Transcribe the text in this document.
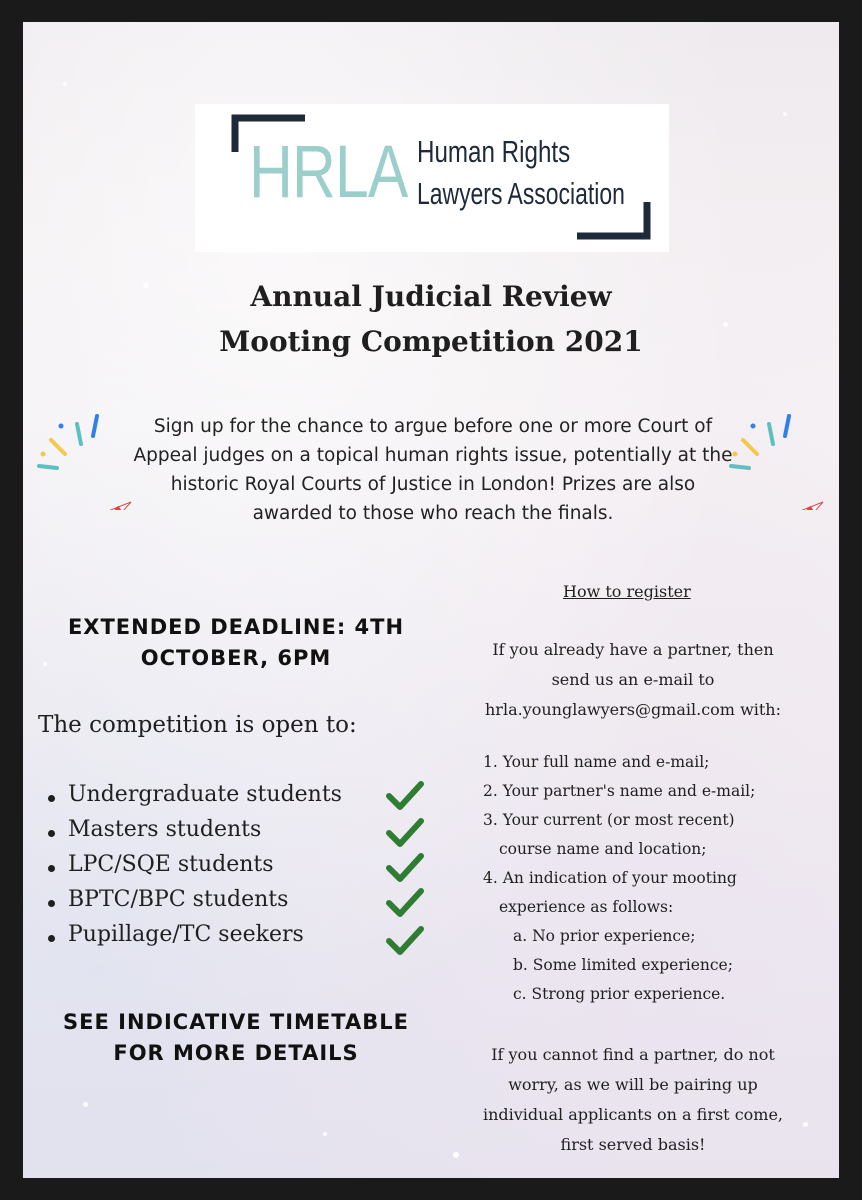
HRLA Human Rights
Lawyers Association
Annual Judicial Review
Mooting Competition 2021
Sign up for the chance to argue before one or more Court of Appeal judges on a topical human rights issue, potentially at the historic Royal Courts of Justice in London! Prizes are also awarded to those who reach the finals.
EXTENDED DEADLINE: 4TH
OCTOBER, 6PM
The competition is open to:
Undergraduate students
Masters students
LPC/SQE students
BPTC/BPC students
Pupillage/TC seekers
SEE INDICATIVE TIMETABLE
FOR MORE DETAILS
How to register
If you already have a partner, then
send us an e-mail to
hrla.younglawyers@gmail.com with:
1. Your full name and e-mail;
2. Your partner's name and e-mail;
3. Your current (or most recent)
course name and location;
4. An indication of your mooting
experience as follows:
a. No prior experience;
b. Some limited experience;
c. Strong prior experience.
If you cannot find a partner, do not
worry, as we will be pairing up
individual applicants on a first come,
first served basis!
